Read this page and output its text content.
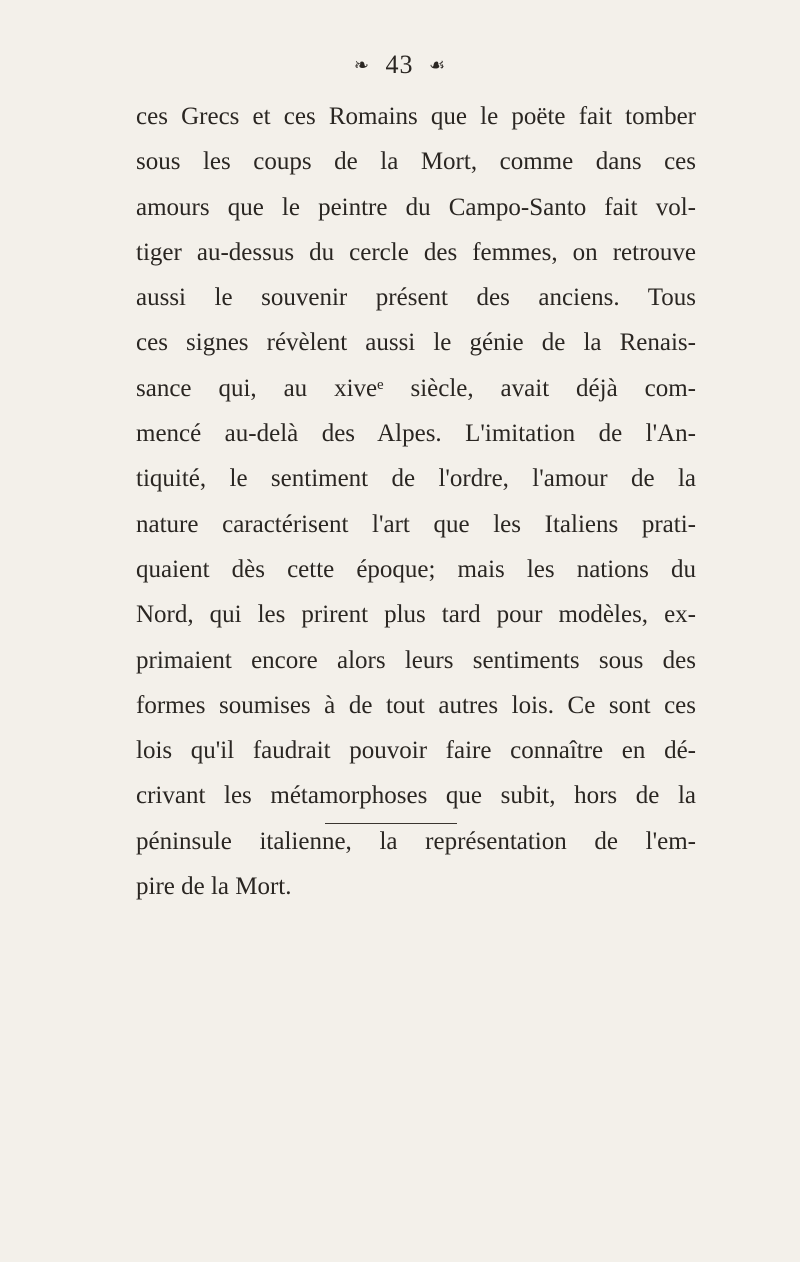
❧ 43 ☙
ces Grecs et ces Romains que le poëte fait tomber
sous les coups de la Mort, comme dans ces
amours que le peintre du Campo-Santo fait vol-
tiger au-dessus du cercle des femmes, on retrouve
aussi le souvenir présent des anciens. Tous
ces signes révèlent aussi le génie de la Renais-
sance qui, au xiveᵉ siècle, avait déjà com-
mencé au-delà des Alpes. L'imitation de l'An-
tiquité, le sentiment de l'ordre, l'amour de la
nature caractérisent l'art que les Italiens prati-
quaient dès cette époque; mais les nations du
Nord, qui les prirent plus tard pour modèles, ex-
primaient encore alors leurs sentiments sous des
formes soumises à de tout autres lois. Ce sont ces
lois qu'il faudrait pouvoir faire connaître en dé-
crivant les métamorphoses que subit, hors de la
péninsule italienne, la représentation de l'em-
pire de la Mort.
